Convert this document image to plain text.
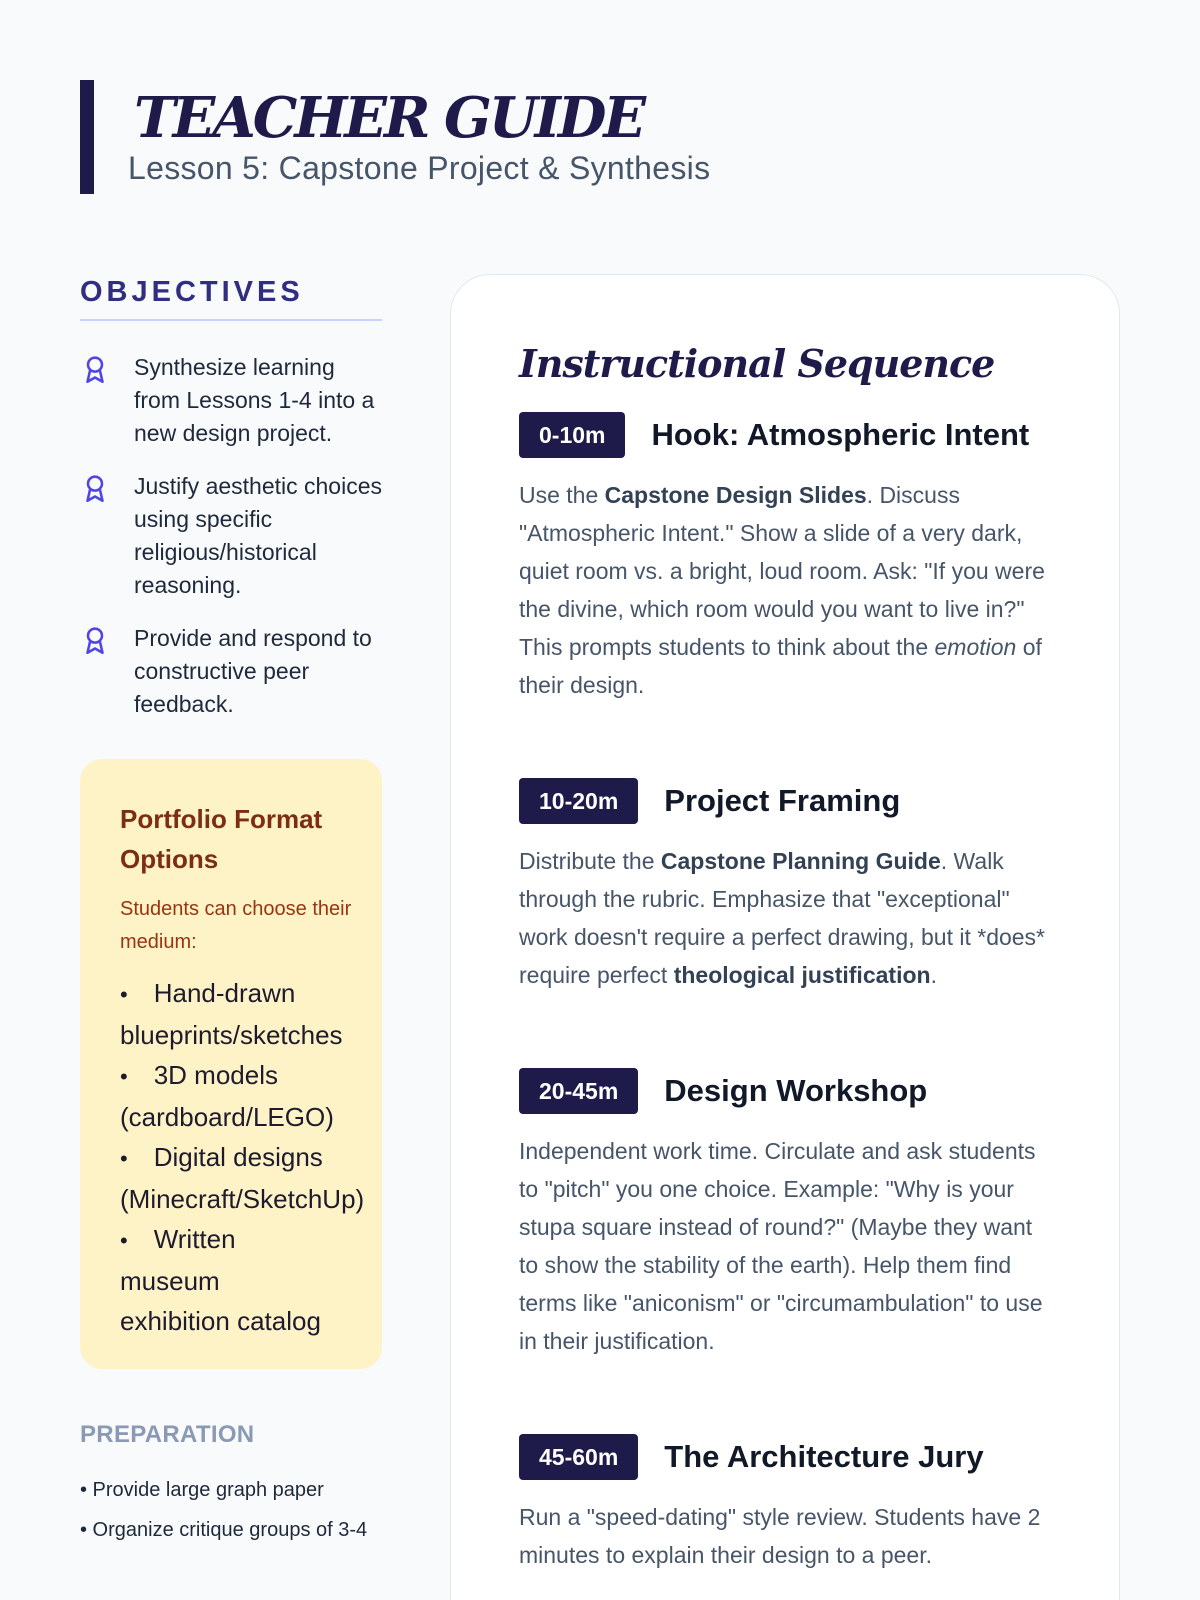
TEACHER GUIDE
Lesson 5: Capstone Project & Synthesis
OBJECTIVES
Synthesize learning from Lessons 1-4 into a new design project.
Justify aesthetic choices using specific religious/historical reasoning.
Provide and respond to constructive peer feedback.
Portfolio Format Options
Students can choose their medium:
• Hand-drawn
blueprints/sketches
• 3D models
(cardboard/LEGO)
• Digital designs
(Minecraft/SketchUp)
• Written
museum
exhibition catalog
PREPARATION
• Provide large graph paper
• Organize critique groups of 3-4
Instructional Sequence
0-10m	Hook: Atmospheric Intent
Use the Capstone Design Slides. Discuss "Atmospheric Intent." Show a slide of a very dark, quiet room vs. a bright, loud room. Ask: "If you were the divine, which room would you want to live in?" This prompts students to think about the emotion of their design.
10-20m	Project Framing
Distribute the Capstone Planning Guide. Walk through the rubric. Emphasize that "exceptional" work doesn't require a perfect drawing, but it *does* require perfect theological justification.
20-45m	Design Workshop
Independent work time. Circulate and ask students to "pitch" you one choice. Example: "Why is your stupa square instead of round?" (Maybe they want to show the stability of the earth). Help them find terms like "aniconism" or "circumambulation" to use in their justification.
45-60m	The Architecture Jury
Run a "speed-dating" style review. Students have 2 minutes to explain their design to a peer.
